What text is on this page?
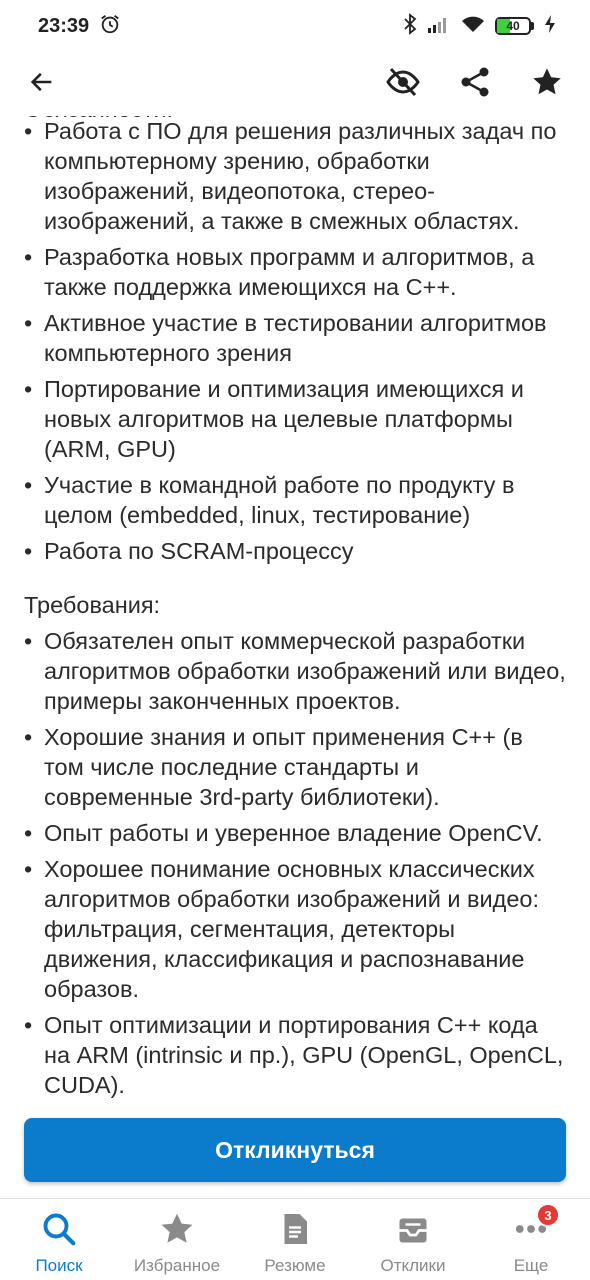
23:39	40
• Работа с ПО для решения различных задач по компьютерному зрению, обработки изображений, видеопотока, стерео-изображений, а также в смежных областях.
• Разработка новых программ и алгоритмов, а также поддержка имеющихся на С++.
• Активное участие в тестировании алгоритмов компьютерного зрения
• Портирование и оптимизация имеющихся и новых алгоритмов на целевые платформы (ARM, GPU)
• Участие в командной работе по продукту в целом (embedded, linux, тестирование)
• Работа по SCRAM-процессу
Требования:
• Обязателен опыт коммерческой разработки алгоритмов обработки изображений или видео, примеры законченных проектов.
• Хорошие знания и опыт применения С++ (в том числе последние стандарты и современные 3rd-party библиотеки).
• Опыт работы и уверенное владение OpenCV.
• Хорошее понимание основных классических алгоритмов обработки изображений и видео: фильтрация, сегментация, детекторы движения, классификация и распознавание образов.
• Опыт оптимизации и портирования С++ кода на ARM (intrinsic и пр.), GPU (OpenGL, OpenCL, CUDA).
Откликнуться
Поиск	Избранное	Резюме	Отклики
3
Еще
